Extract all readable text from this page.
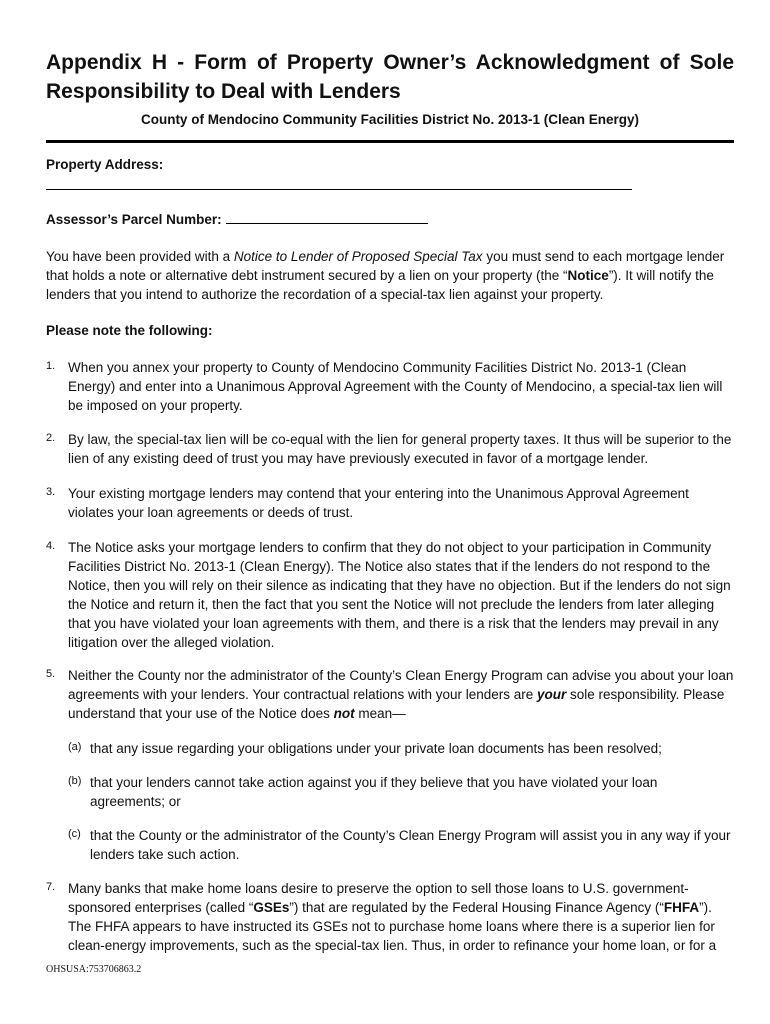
Appendix H - Form of Property Owner’s Acknowledgment of Sole Responsibility to Deal with Lenders

County of Mendocino Community Facilities District No. 2013-1 (Clean Energy)

Property Address:

Assessor’s Parcel Number:

You have been provided with a Notice to Lender of Proposed Special Tax you must send to each mortgage lender that holds a note or alternative debt instrument secured by a lien on your property (the “Notice”). It will notify the lenders that you intend to authorize the recordation of a special-tax lien against your property.

Please note the following:

1. When you annex your property to County of Mendocino Community Facilities District No. 2013-1 (Clean Energy) and enter into a Unanimous Approval Agreement with the County of Mendocino, a special-tax lien will be imposed on your property.

2. By law, the special-tax lien will be co-equal with the lien for general property taxes. It thus will be superior to the lien of any existing deed of trust you may have previously executed in favor of a mortgage lender.

3. Your existing mortgage lenders may contend that your entering into the Unanimous Approval Agreement violates your loan agreements or deeds of trust.

4. The Notice asks your mortgage lenders to confirm that they do not object to your participation in Community Facilities District No. 2013-1 (Clean Energy). The Notice also states that if the lenders do not respond to the Notice, then you will rely on their silence as indicating that they have no objection. But if the lenders do not sign the Notice and return it, then the fact that you sent the Notice will not preclude the lenders from later alleging that you have violated your loan agreements with them, and there is a risk that the lenders may prevail in any litigation over the alleged violation.

5. Neither the County nor the administrator of the County’s Clean Energy Program can advise you about your loan agreements with your lenders. Your contractual relations with your lenders are your sole responsibility. Please understand that your use of the Notice does not mean—

(a) that any issue regarding your obligations under your private loan documents has been resolved;

(b) that your lenders cannot take action against you if they believe that you have violated your loan agreements; or

(c) that the County or the administrator of the County’s Clean Energy Program will assist you in any way if your lenders take such action.

7. Many banks that make home loans desire to preserve the option to sell those loans to U.S. government-sponsored enterprises (called “GSEs”) that are regulated by the Federal Housing Finance Agency (“FHFA”). The FHFA appears to have instructed its GSEs not to purchase home loans where there is a superior lien for clean-energy improvements, such as the special-tax lien. Thus, in order to refinance your home loan, or for a

OHSUSA:753706863.2
